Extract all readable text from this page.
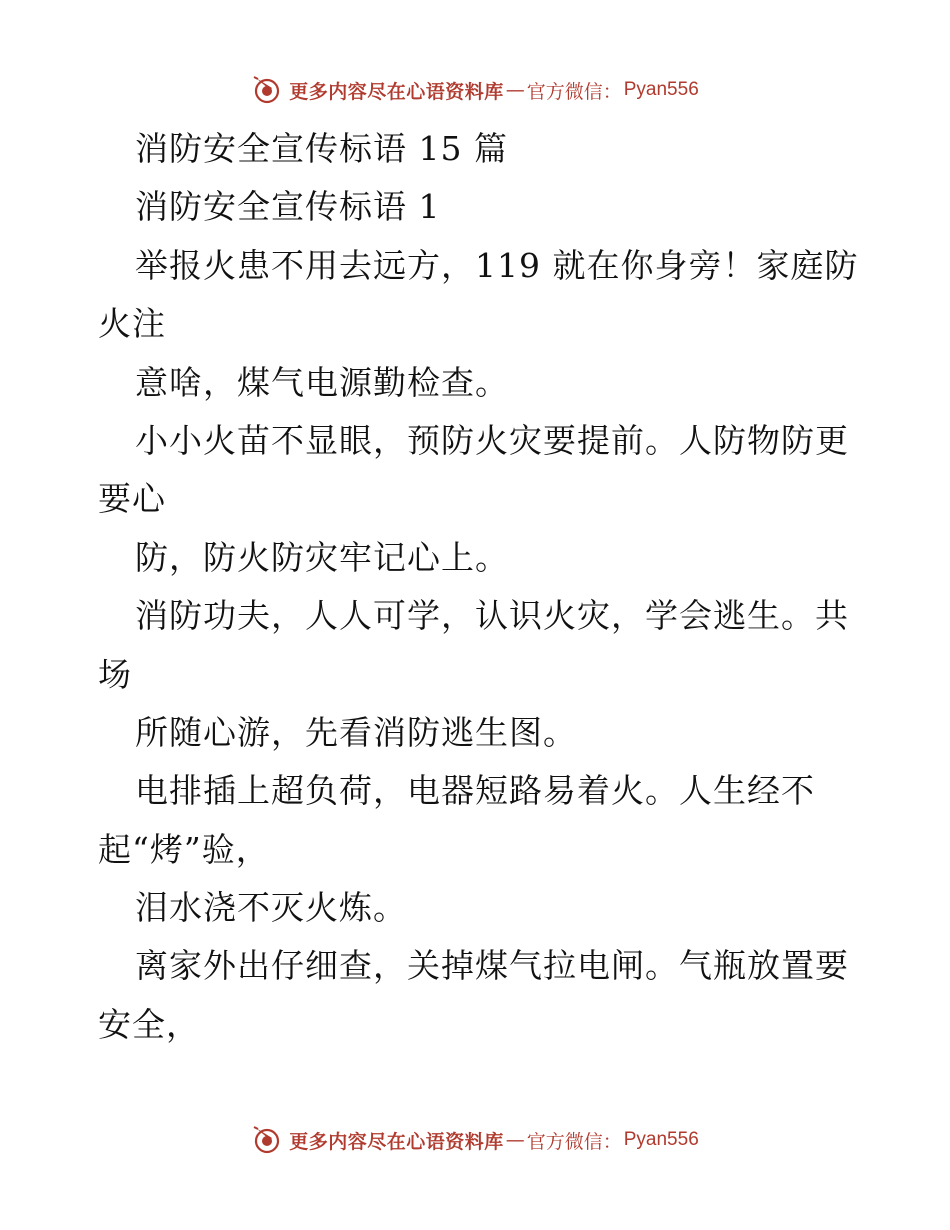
更多内容尽在心语资料库 — 官方微信： Pyan556
消防安全宣传标语 15 篇
消防安全宣传标语 1
举报火患不用去远方，119 就在你身旁！家庭防
火注
意啥，煤气电源勤检查。
小小火苗不显眼，预防火灾要提前。人防物防更
要心
防，防火防灾牢记心上。
消防功夫，人人可学，认识火灾，学会逃生。共
场
所随心游，先看消防逃生图。
电排插上超负荷，电器短路易着火。人生经不
起“烤”验，
泪水浇不灭火炼。
离家外出仔细查，关掉煤气拉电闸。气瓶放置要
安全，
更多内容尽在心语资料库 — 官方微信： Pyan556
